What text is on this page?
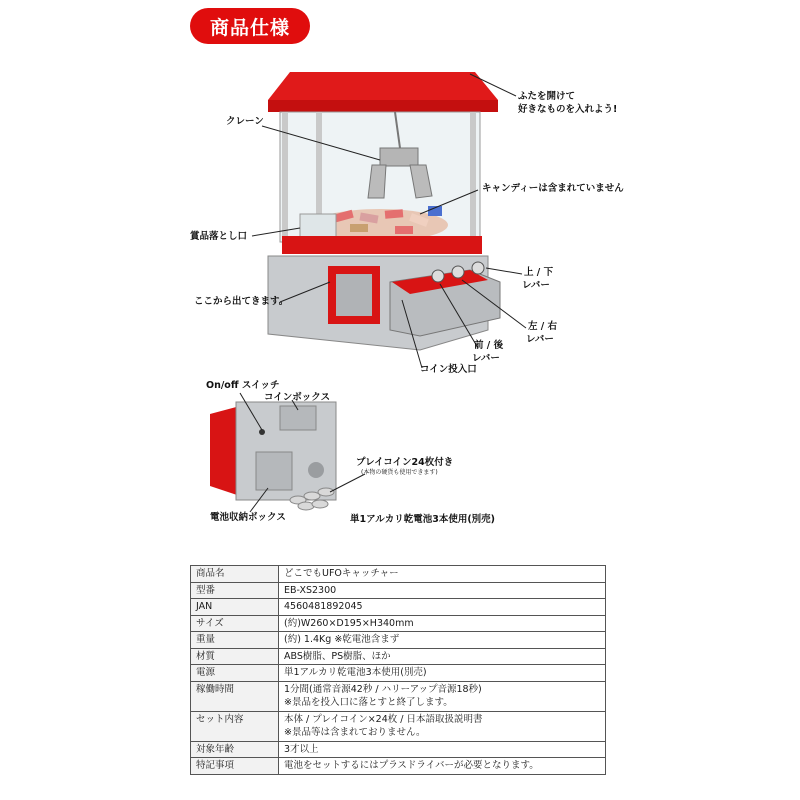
商品仕様
ふたを開けて
好きなものを入れよう!
クレーン
キャンディーは含まれていません
賞品落とし口
ここから出てきます。
上 / 下
レバー
左 / 右
レバー
前 / 後
レバー
コイン投入口
On/off スイッチ
コインボックス
プレイコイン24枚付き
(本物の硬貨も使用できます)
電池収納ボックス	単1アルカリ乾電池3本使用(別売)
商品名	どこでもUFOキャッチャー

型番	EB-XS2300

JAN	4560481892045

サイズ	(約)W260×D195×H340mm

重量	(約) 1.4Kg ※乾電池含まず

材質	ABS樹脂、PS樹脂、ほか

電源	単1アルカリ乾電池3本使用(別売)

稼働時間	1分間(通常音源42秒 / ハリーアップ音源18秒)
※景品を投入口に落とすと終了します。

セット内容	本体 / プレイコイン×24枚 / 日本語取扱説明書
※景品等は含まれておりません。

対象年齢	3才以上

特記事項	電池をセットするにはプラスドライバーが必要となります。
